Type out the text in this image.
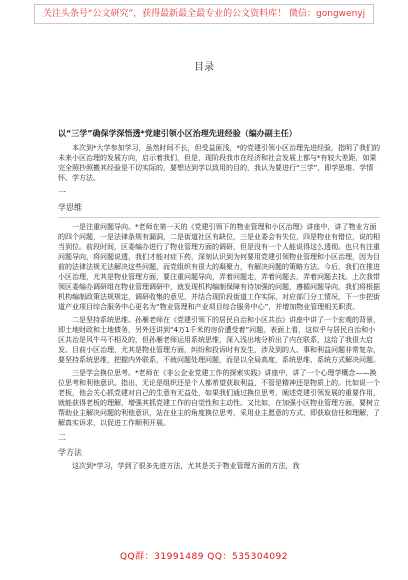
关注头条号“公文研究”，获得最新最全最专业的公文资料库！ 微信：gongwenyj
目录
以“三学”确保学深悟透*党建引领小区治理先进经验（编办副主任）

本次到*大学参加学习，虽然时间不长，但受益匪浅，*的党建引领小区治理先进经验，指明了我们的未来小区治理的发展方向，启示着我们，但是，现阶段我市在经济和社会发展上都与*有较大差距，如果完全照抄照搬其经验是不切实际的，要想达到学以致用的目的，我认为要进行“三学”，即学思维、学情怀、学方法。

一
学思维

一是注重问题导向。*老师在第一天的《党建引领下的物业管理和小区治理》讲座中，讲了物业方面的四个问题，一是法律条规有漏洞，二是街道社区有缺位，三是业委会有失位，四是物业有错位，说的相当到位。前段时间，区委编办进行了物业管理方面的调研，但是没有一个人能说得这么透彻。也只有注重问题导向，将问题说透，我们才能对症下药，深刻认识到为何要用党建引领物业管理和小区治理，因为目前的法律法规无法解决这些问题，而党组织有很大的凝聚力，有解决问题的策略方法。今后，我们在推进小区治理，尤其是物业管理方面，要注重问题导向，弄着问题走，弄着问题去，弄着问题去找。上次我带领区委编办调研组在物业管理调研中，就发现机构编制保障有待加强的问题，遵循问题导向，我们将根据机构编制政策法规规定，调研收集的意见，并结合现阶段街道工作实际，对应部门分工情况，下一步把街道产业项目综合服务中心更名为“物业管理和产业项目综合服务中心”，并增加物业管理相关职责。

二是坚持系统思维。孙雁老师在《党建引领下的居民自治和小区共治》讲座中讲了一个宏观的背景，即土地财政和土地债务，另外还讲到“4万1千米的房价遭受着”问题，表面上看，这似乎与居民自治和小区共治是风牛马不相及的，但孙雁老师运用系统思维，深入浅出地分析出了内在联系，这给了我很大启发。目前小区治理，尤其是物业管理方面，纠纷和投诉时有发生，涉及到的人、事和利益问题非常复杂，要坚持系统思维，把握内外联系，不就问题处理问题，而是以全局高度，系统思维、系统方式解决问题。

三是学会换位思考。*老师在《非公企业党建工作的探索实践》讲座中，讲了一个心理学概念——换位思考和利他意识。指出，无论是组织还是个人都希望获取利益，不管是精神还是物质上的。比如说一个老板，他会关心抓党建对自己的生意有无益处，如果我们通过换位思考，阐述党建引领发展的重要作用，就能获得老板的理解，增强其抓党建工作的自觉性和主动性。又比如，在加强小区物业管理方面，要树立帮助业主解决问题的利他意识，站在业主的角度换位思考，采用业主愿意的方式，即获取信任和理解，了解真实诉求，以促进工作顺利开展。

二
学方法

这次到*学习，学到了很多先进方法，尤其是关于物业管理方面的方法，我

QQ群：31991489 QQ：535304092
